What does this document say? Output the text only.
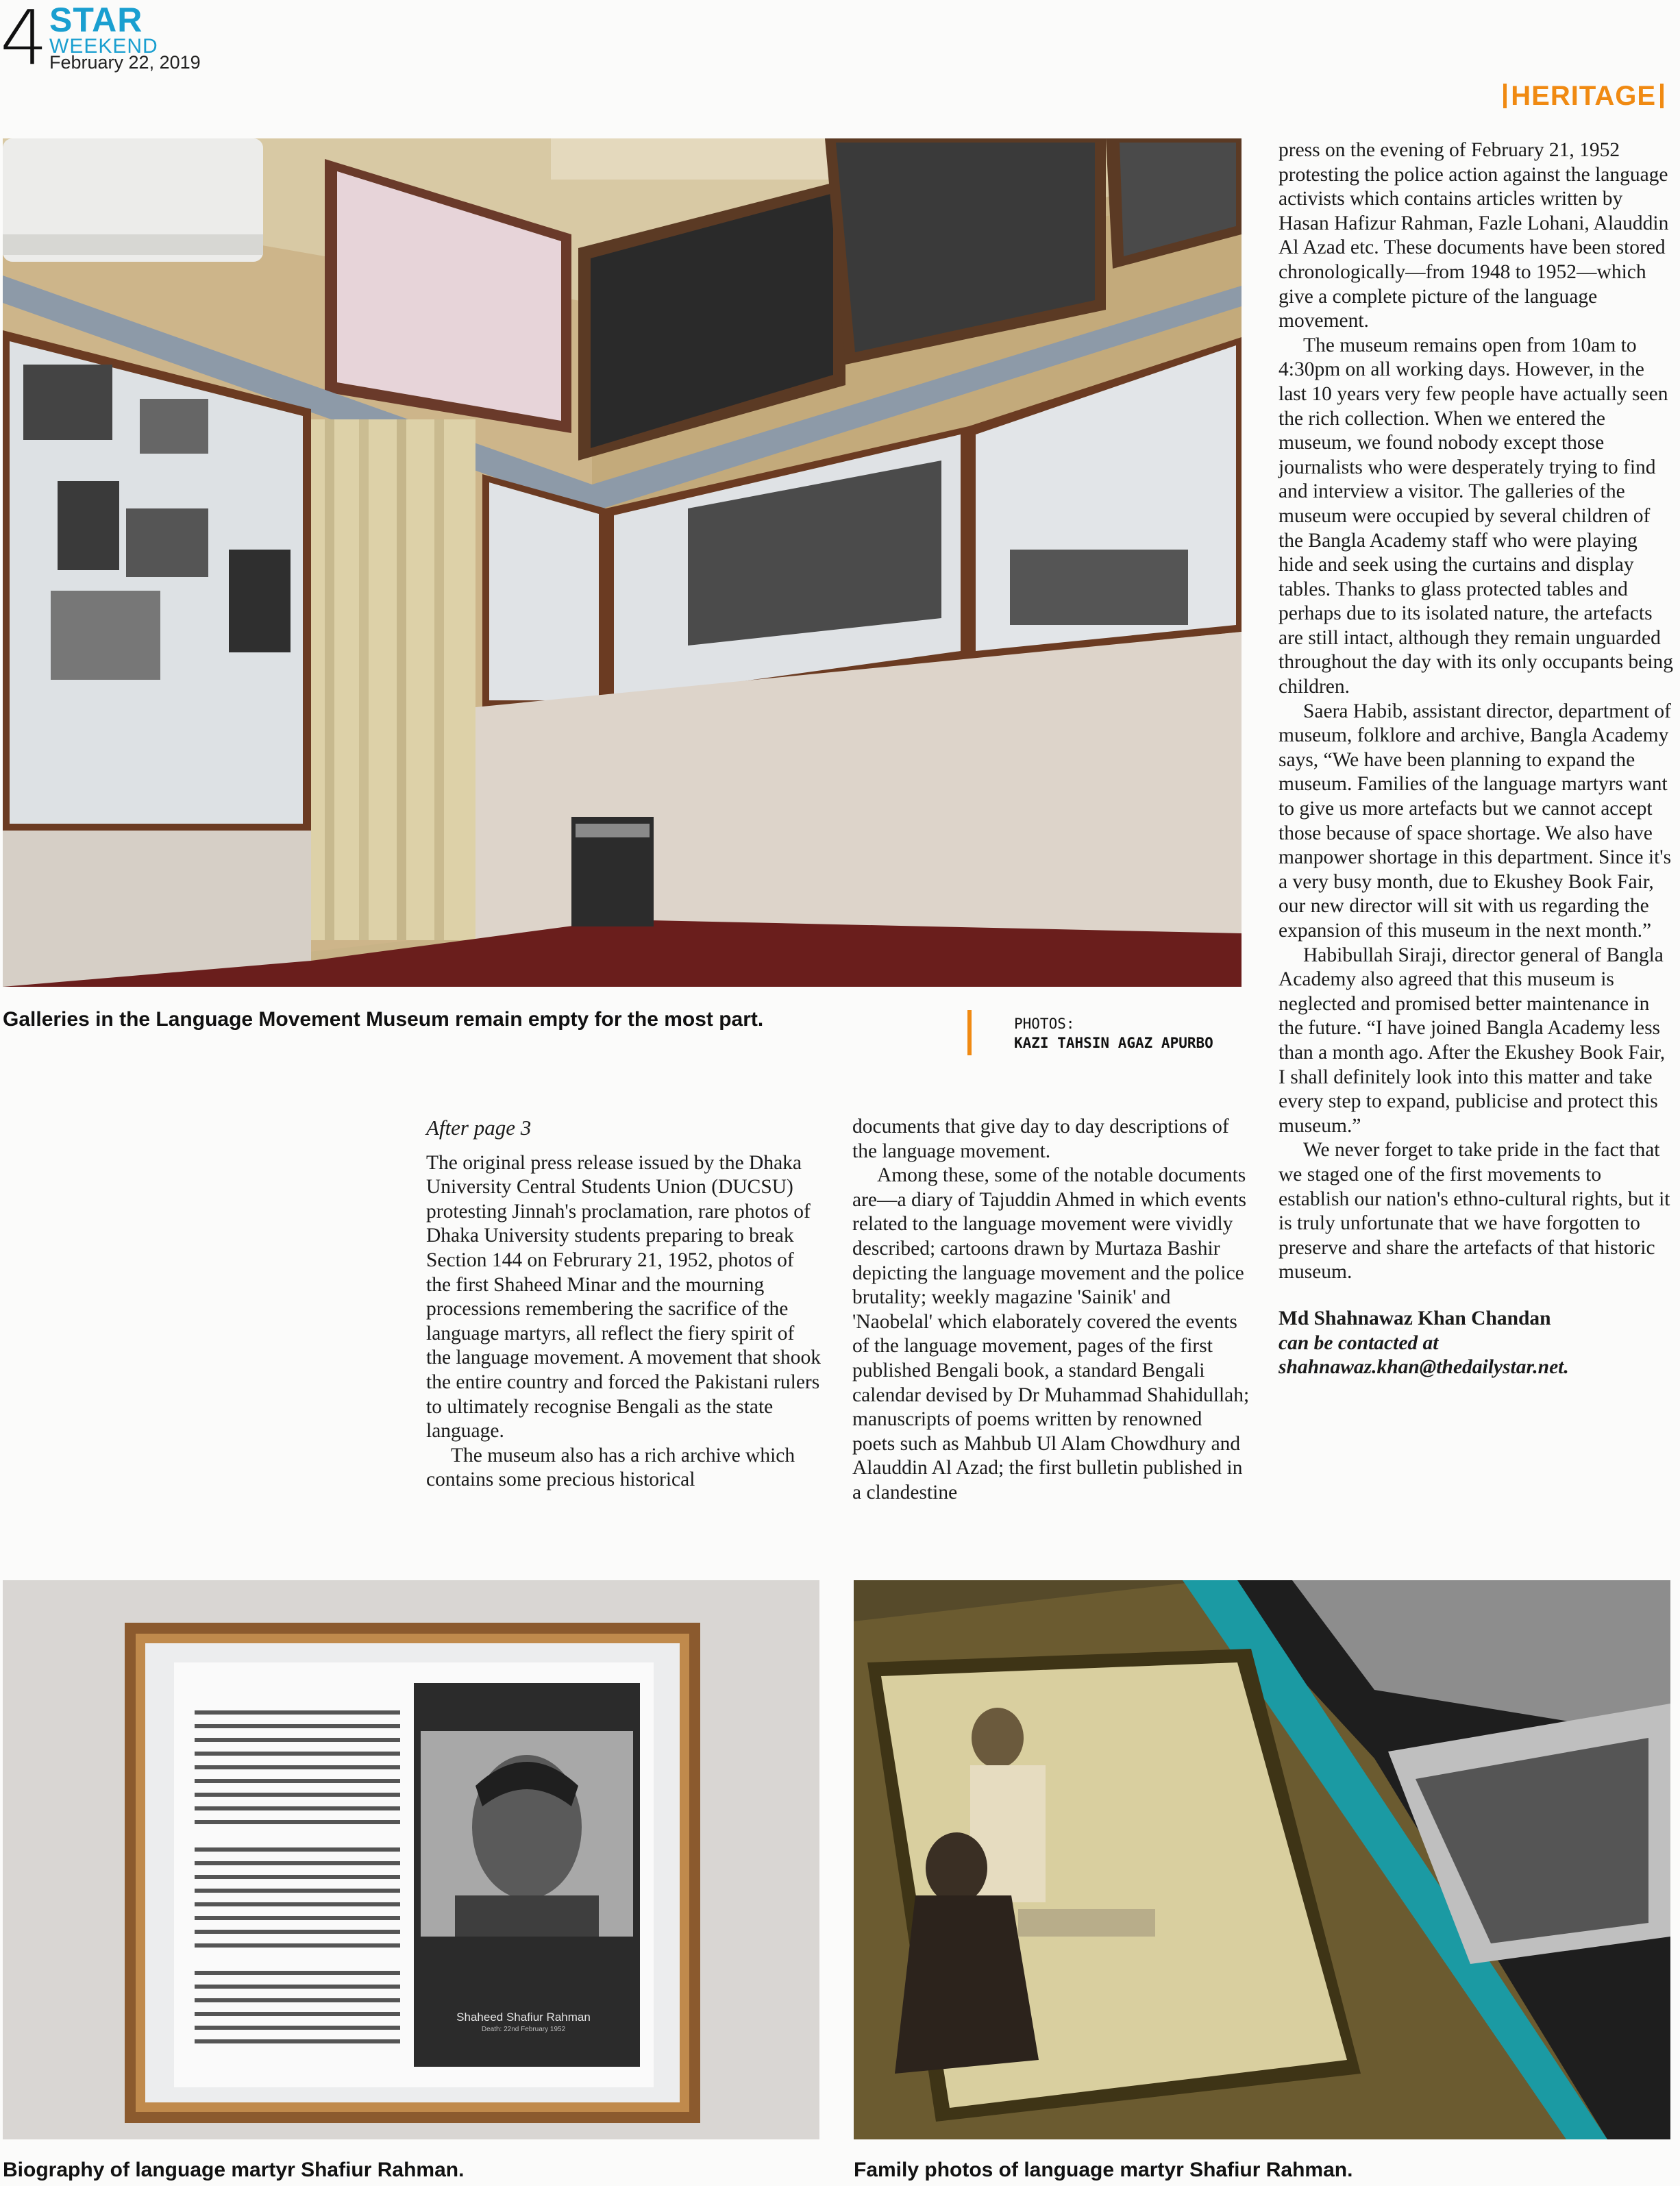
4 STAR
WEEKEND
February 22, 2019
HERITAGE
Galleries in the Language Movement Museum remain empty for the most part.	PHOTOS:
KAZI TAHSIN AGAZ APURBO

After page 3

The original press release issued by the Dhaka University Central Students Union (DUCSU) protesting Jinnah's proclamation, rare photos of Dhaka University students preparing to break Section 144 on Februrary 21, 1952, photos of the first Shaheed Minar and the mourning processions remembering the sacrifice of the language martyrs, all reflect the fiery spirit of the language movement. A movement that shook the entire country and forced the Pakistani rulers to ultimately recognise Bengali as the state language.

The museum also has a rich archive which contains some precious historical

documents that give day to day descriptions of the language movement.

Among these, some of the notable documents are—a diary of Tajuddin Ahmed in which events related to the language movement were vividly described; cartoons drawn by Murtaza Bashir depicting the language movement and the police brutality; weekly magazine 'Sainik' and 'Naobelal' which elaborately covered the events of the language movement, pages of the first published Bengali book, a standard Bengali calendar devised by Dr Muhammad Shahidullah; manuscripts of poems written by renowned poets such as Mahbub Ul Alam Chowdhury and Alauddin Al Azad; the first bulletin published in a clandestine

press on the evening of February 21, 1952 protesting the police action against the language activists which contains articles written by Hasan Hafizur Rahman, Fazle Lohani, Alauddin Al Azad etc. These documents have been stored chronologically—from 1948 to 1952—which give a complete picture of the language movement.

The museum remains open from 10am to 4:30pm on all working days. However, in the last 10 years very few people have actually seen the rich collection. When we entered the museum, we found nobody except those journalists who were desperately trying to find and interview a visitor. The galleries of the museum were occupied by several children of the Bangla Academy staff who were playing hide and seek using the curtains and display tables. Thanks to glass protected tables and perhaps due to its isolated nature, the artefacts are still intact, although they remain unguarded throughout the day with its only occupants being children.

Saera Habib, assistant director, department of museum, folklore and archive, Bangla Academy says, “We have been planning to expand the museum. Families of the language martyrs want to give us more artefacts but we cannot accept those because of space shortage. We also have manpower shortage in this department. Since it's a very busy month, due to Ekushey Book Fair, our new director will sit with us regarding the expansion of this museum in the next month.”

Habibullah Siraji, director general of Bangla Academy also agreed that this museum is neglected and promised better maintenance in the future. “I have joined Bangla Academy less than a month ago. After the Ekushey Book Fair, I shall definitely look into this matter and take every step to expand, publicise and protect this museum.”

We never forget to take pride in the fact that we staged one of the first movements to establish our nation's ethno-cultural rights, but it is truly unfortunate that we have forgotten to preserve and share the artefacts of that historic museum.

Md Shahnawaz Khan Chandan

can be contacted at

shahnawaz.khan@thedailystar.net.

Shaheed Shafiur Rahman
Death: 22nd February 1952
Biography of language martyr Shafiur Rahman.	Family photos of language martyr Shafiur Rahman.
